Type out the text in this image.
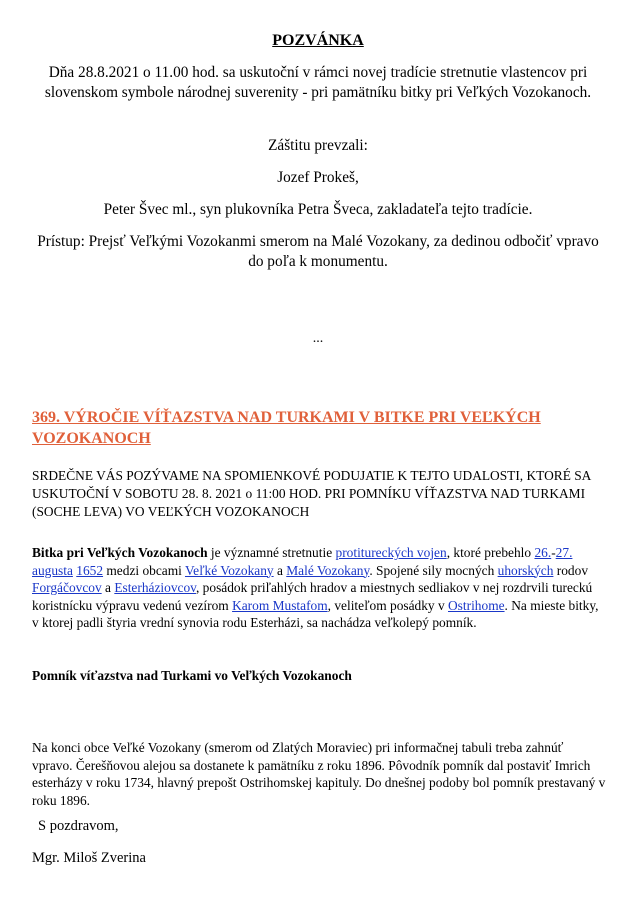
POZVÁNKA
Dňa 28.8.2021 o 11.00 hod. sa uskutoční v rámci novej tradície stretnutie vlastencov pri slovenskom symbole národnej suverenity - pri pamätníku bitky pri Veľkých Vozokanoch.
Záštitu prevzali:
Jozef Prokeš,
Peter Švec ml., syn plukovníka Petra Šveca, zakladateľa tejto tradície.
Prístup: Prejsť Veľkými Vozokanmi smerom na Malé Vozokany, za dedinou odbočiť vpravo do poľa k monumentu.
...
369. VÝROČIE VÍŤAZSTVA NAD TURKAMI V BITKE PRI VEĽKÝCH VOZOKANOCH
SRDEČNE VÁS POZÝVAME NA SPOMIENKOVÉ PODUJATIE K TEJTO UDALOSTI, KTORÉ SA USKUTOČNÍ V SOBOTU 28. 8. 2021 o 11:00 HOD. PRI POMNÍKU VÍŤAZSTVA NAD TURKAMI (SOCHE LEVA) VO VEĽKÝCH VOZOKANOCH
Bitka pri Veľkých Vozokanoch je významné stretnutie protitureckých vojen, ktoré prebehlo 26.-27. augusta 1652 medzi obcami Veľké Vozokany a Malé Vozokany. Spojené sily mocných uhorských rodov Forgáčovcov a Esterháziovcov, posádok priľahlých hradov a miestnych sedliakov v nej rozdrvili tureckú koristnícku výpravu vedenú vezírom Karom Mustafom, veliteľom posádky v Ostrihome. Na mieste bitky, v ktorej padli štyria vrední synovia rodu Esterházi, sa nachádza veľkolepý pomník.
Pomník víťazstva nad Turkami vo Veľkých Vozokanoch
Na konci obce Veľké Vozokany (smerom od Zlatých Moraviec) pri informačnej tabuli treba zahnúť vpravo. Čerešňovou alejou sa dostanete k pamätníku z roku 1896. Pôvodník pomník dal postaviť Imrich esterházy v roku 1734, hlavný prepošt Ostrihomskej kapituly. Do dnešnej podoby bol pomník prestavaný v roku 1896.
S pozdravom,
Mgr. Miloš Zverina
